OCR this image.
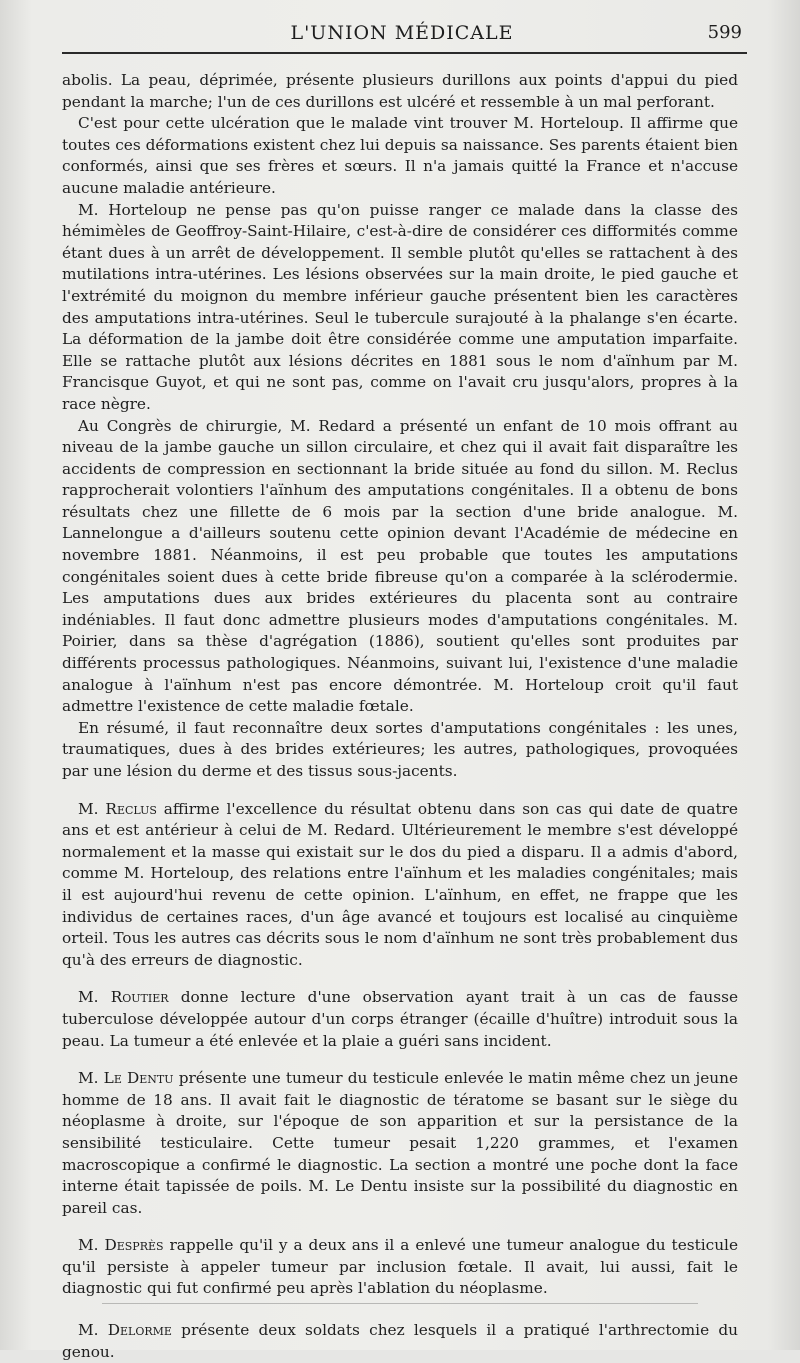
L'UNION MÉDICALE	599

abolis. La peau, déprimée, présente plusieurs durillons aux points d'appui du pied pendant la marche; l'un de ces durillons est ulcéré et ressemble à un mal perforant.

C'est pour cette ulcération que le malade vint trouver M. Horteloup. Il affirme que toutes ces déformations existent chez lui depuis sa naissance. Ses parents étaient bien conformés, ainsi que ses frères et sœurs. Il n'a jamais quitté la France et n'accuse aucune maladie antérieure.

M. Horteloup ne pense pas qu'on puisse ranger ce malade dans la classe des hémimèles de Geoffroy-Saint-Hilaire, c'est-à-dire de considérer ces difformités comme étant dues à un arrêt de développement. Il semble plutôt qu'elles se rattachent à des mutilations intra-utérines. Les lésions observées sur la main droite, le pied gauche et l'extrémité du moignon du membre inférieur gauche présentent bien les caractères des amputations intra-utérines. Seul le tubercule surajouté à la phalange s'en écarte. La déformation de la jambe doit être considérée comme une amputation imparfaite. Elle se rattache plutôt aux lésions décrites en 1881 sous le nom d'aïnhum par M. Francisque Guyot, et qui ne sont pas, comme on l'avait cru jusqu'alors, propres à la race nègre.

Au Congrès de chirurgie, M. Redard a présenté un enfant de 10 mois offrant au niveau de la jambe gauche un sillon circulaire, et chez qui il avait fait disparaître les accidents de compression en sectionnant la bride située au fond du sillon. M. Reclus rapprocherait volontiers l'aïnhum des amputations congénitales. Il a obtenu de bons résultats chez une fillette de 6 mois par la section d'une bride analogue. M. Lannelongue a d'ailleurs soutenu cette opinion devant l'Académie de médecine en novembre 1881. Néanmoins, il est peu probable que toutes les amputations congénitales soient dues à cette bride fibreuse qu'on a comparée à la sclérodermie. Les amputations dues aux brides extérieures du placenta sont au contraire indéniables. Il faut donc admettre plusieurs modes d'amputations congénitales. M. Poirier, dans sa thèse d'agrégation (1886), soutient qu'elles sont produites par différents processus pathologiques. Néanmoins, suivant lui, l'existence d'une maladie analogue à l'aïnhum n'est pas encore démontrée. M. Horteloup croit qu'il faut admettre l'existence de cette maladie fœtale.

En résumé, il faut reconnaître deux sortes d'amputations congénitales : les unes, traumatiques, dues à des brides extérieures; les autres, pathologiques, provoquées par une lésion du derme et des tissus sous-jacents.

M. Reclus affirme l'excellence du résultat obtenu dans son cas qui date de quatre ans et est antérieur à celui de M. Redard. Ultérieurement le membre s'est développé normalement et la masse qui existait sur le dos du pied a disparu. Il a admis d'abord, comme M. Horteloup, des relations entre l'aïnhum et les maladies congénitales; mais il est aujourd'hui revenu de cette opinion. L'aïnhum, en effet, ne frappe que les individus de certaines races, d'un âge avancé et toujours est localisé au cinquième orteil. Tous les autres cas décrits sous le nom d'aïnhum ne sont très probablement dus qu'à des erreurs de diagnostic.

M. Routier donne lecture d'une observation ayant trait à un cas de fausse tuberculose développée autour d'un corps étranger (écaille d'huître) introduit sous la peau. La tumeur a été enlevée et la plaie a guéri sans incident.

M. Le Dentu présente une tumeur du testicule enlevée le matin même chez un jeune homme de 18 ans. Il avait fait le diagnostic de tératome se basant sur le siège du néoplasme à droite, sur l'époque de son apparition et sur la persistance de la sensibilité testiculaire. Cette tumeur pesait 1,220 grammes, et l'examen macroscopique a confirmé le diagnostic. La section a montré une poche dont la face interne était tapissée de poils. M. Le Dentu insiste sur la possibilité du diagnostic en pareil cas.

M. Desprès rappelle qu'il y a deux ans il a enlevé une tumeur analogue du testicule qu'il persiste à appeler tumeur par inclusion fœtale. Il avait, lui aussi, fait le diagnostic qui fut confirmé peu après l'ablation du néoplasme.

M. Delorme présente deux soldats chez lesquels il a pratiqué l'arthrectomie du genou.
